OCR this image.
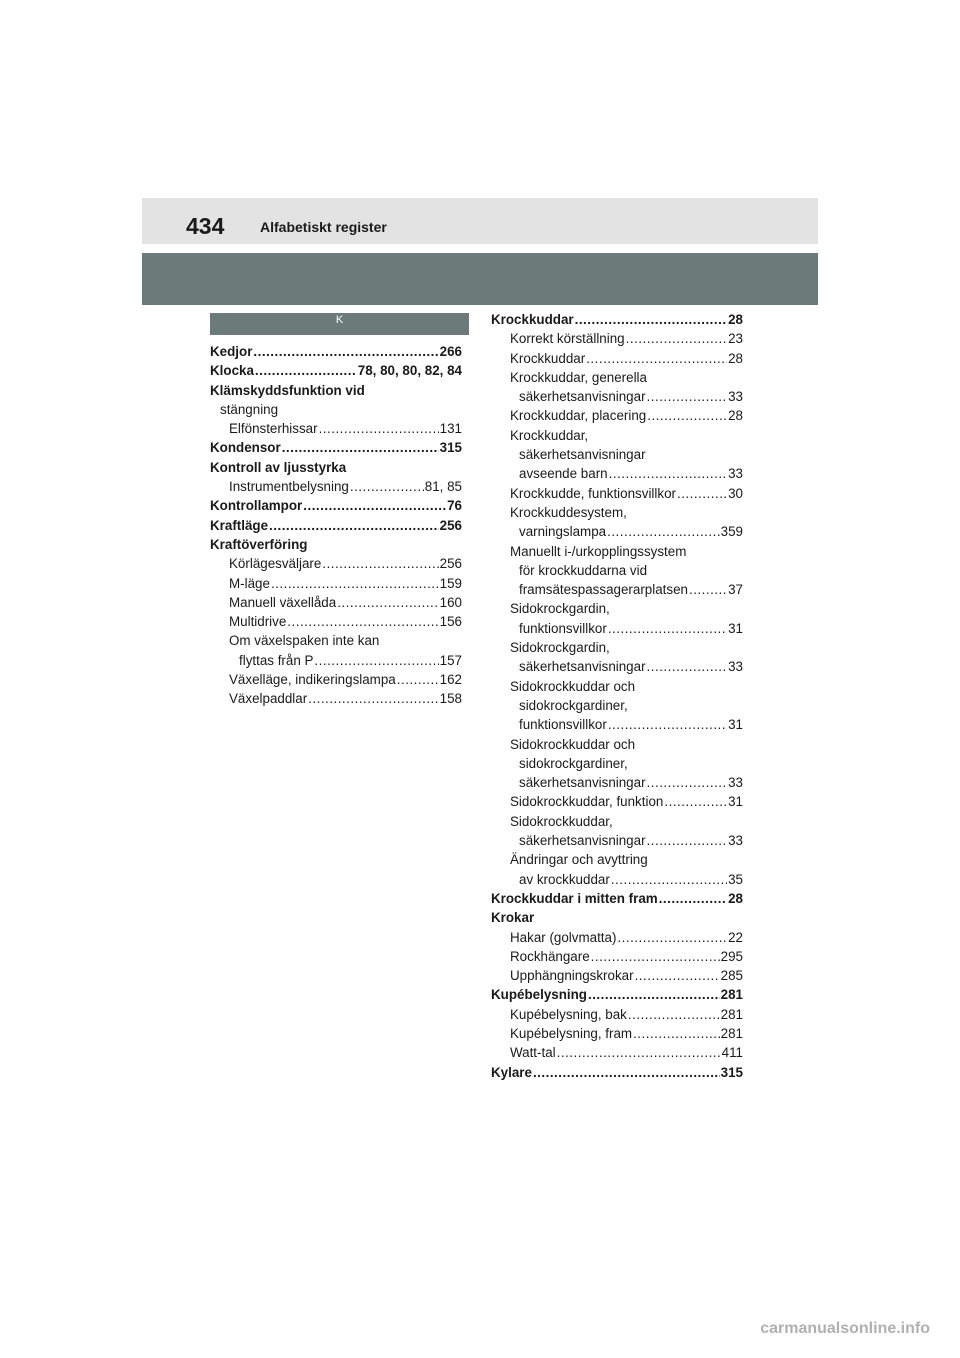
434	Alfabetiskt register
K
Kedjor .....	266
Klocka .....	78, 80, 80, 82, 84
Klämskyddsfunktion vid
stängning
Elfönsterhissar .....	131
Kondensor .....	315
Kontroll av ljusstyrka
Instrumentbelysning .....	81, 85
Kontrollampor .....	76
Kraftläge .....	256
Kraftöverföring
Körlägesväljare .....	256
M-läge .....	159
Manuell växellåda .....	160
Multidrive .....	156
Om växelspaken inte kan
flyttas från P .....	157
Växelläge, indikeringslampa .....	162
Växelpaddlar .....	158
Krockkuddar .....	28
Korrekt körställning .....	23
Krockkuddar .....	28
Krockkuddar, generella
säkerhetsanvisningar .....	33
Krockkuddar, placering .....	28
Krockkuddar,
säkerhetsanvisningar
avseende barn .....	33
Krockkudde, funktionsvillkor .....	30
Krockkuddesystem,
varningslampa .....	359
Manuellt i-/urkopplingssystem
för krockkuddarna vid
framsätespassagerarplatsen .....	37
Sidokrockgardin,
funktionsvillkor .....	31
Sidokrockgardin,
säkerhetsanvisningar .....	33
Sidokrockkuddar och
sidokrockgardiner,
funktionsvillkor .....	31
Sidokrockkuddar och
sidokrockgardiner,
säkerhetsanvisningar .....	33
Sidokrockkuddar, funktion .....	31
Sidokrockkuddar,
säkerhetsanvisningar .....	33
Ändringar och avyttring
av krockkuddar .....	35
Krockkuddar i mitten fram .....	28
Krokar
Hakar (golvmatta) .....	22
Rockhängare .....	295
Upphängningskrokar .....	285
Kupébelysning .....	281
Kupébelysning, bak .....	281
Kupébelysning, fram .....	281
Watt-tal .....	411
Kylare .....	315
carmanualsonline.info
